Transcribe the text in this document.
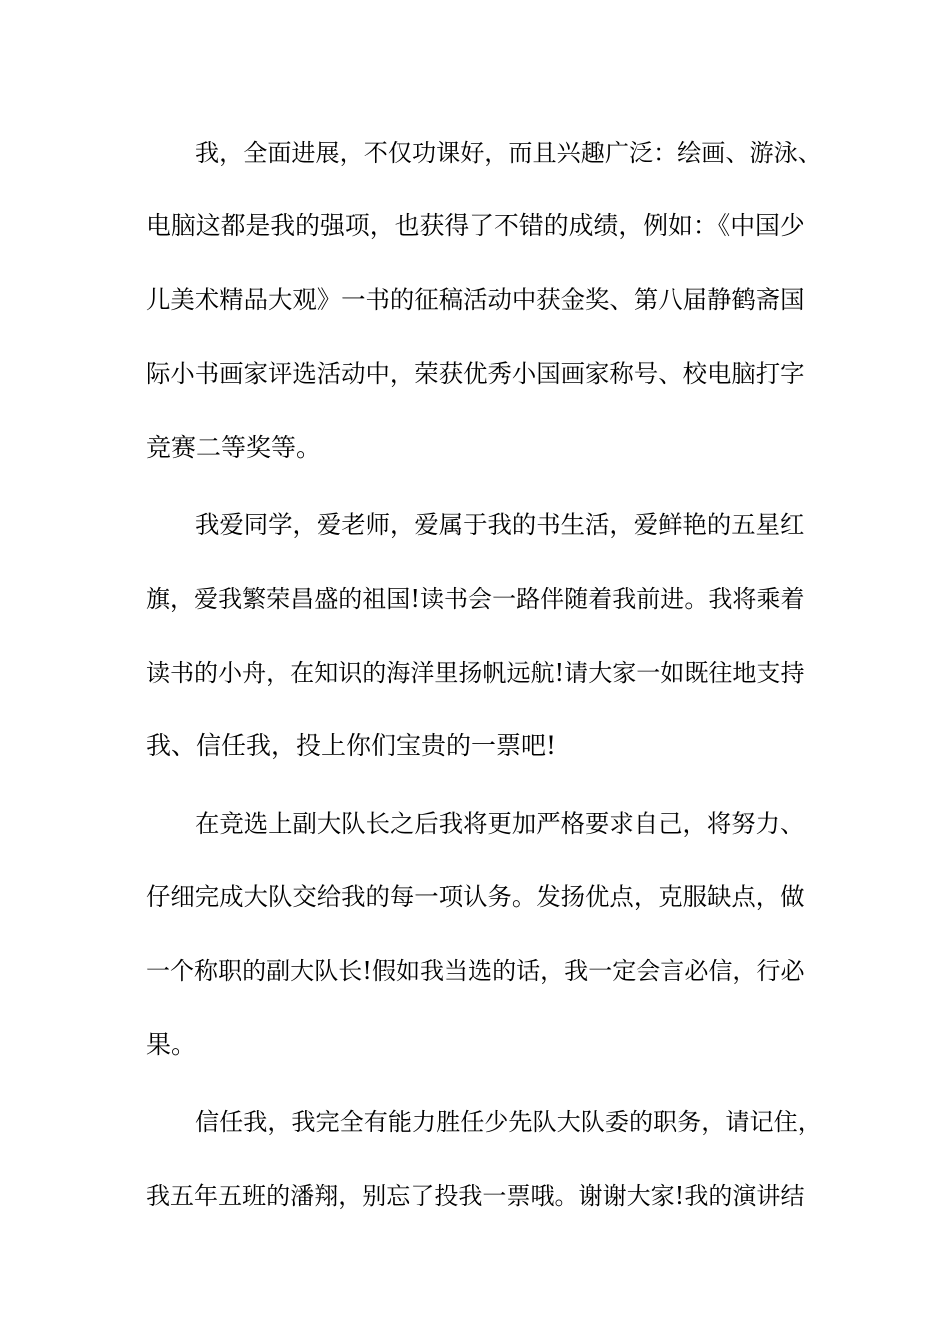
我，全面进展，不仅功课好，而且兴趣广泛：绘画、游泳、
电脑这都是我的强项，也获得了不错的成绩，例如：《中国少
儿美术精品大观》一书的征稿活动中获金奖、第八届静鹤斋国
际小书画家评选活动中，荣获优秀小国画家称号、校电脑打字
竞赛二等奖等。
我爱同学，爱老师，爱属于我的书生活，爱鲜艳的五星红
旗，爱我繁荣昌盛的祖国!读书会一路伴随着我前进。我将乘着
读书的小舟，在知识的海洋里扬帆远航!请大家一如既往地支持
我、信任我，投上你们宝贵的一票吧!
在竞选上副大队长之后我将更加严格要求自己，将努力、
仔细完成大队交给我的每一项认务。发扬优点，克服缺点，做
一个称职的副大队长!假如我当选的话，我一定会言必信，行必
果。
信任我，我完全有能力胜任少先队大队委的职务，请记住，
我五年五班的潘翔，别忘了投我一票哦。谢谢大家!我的演讲结
